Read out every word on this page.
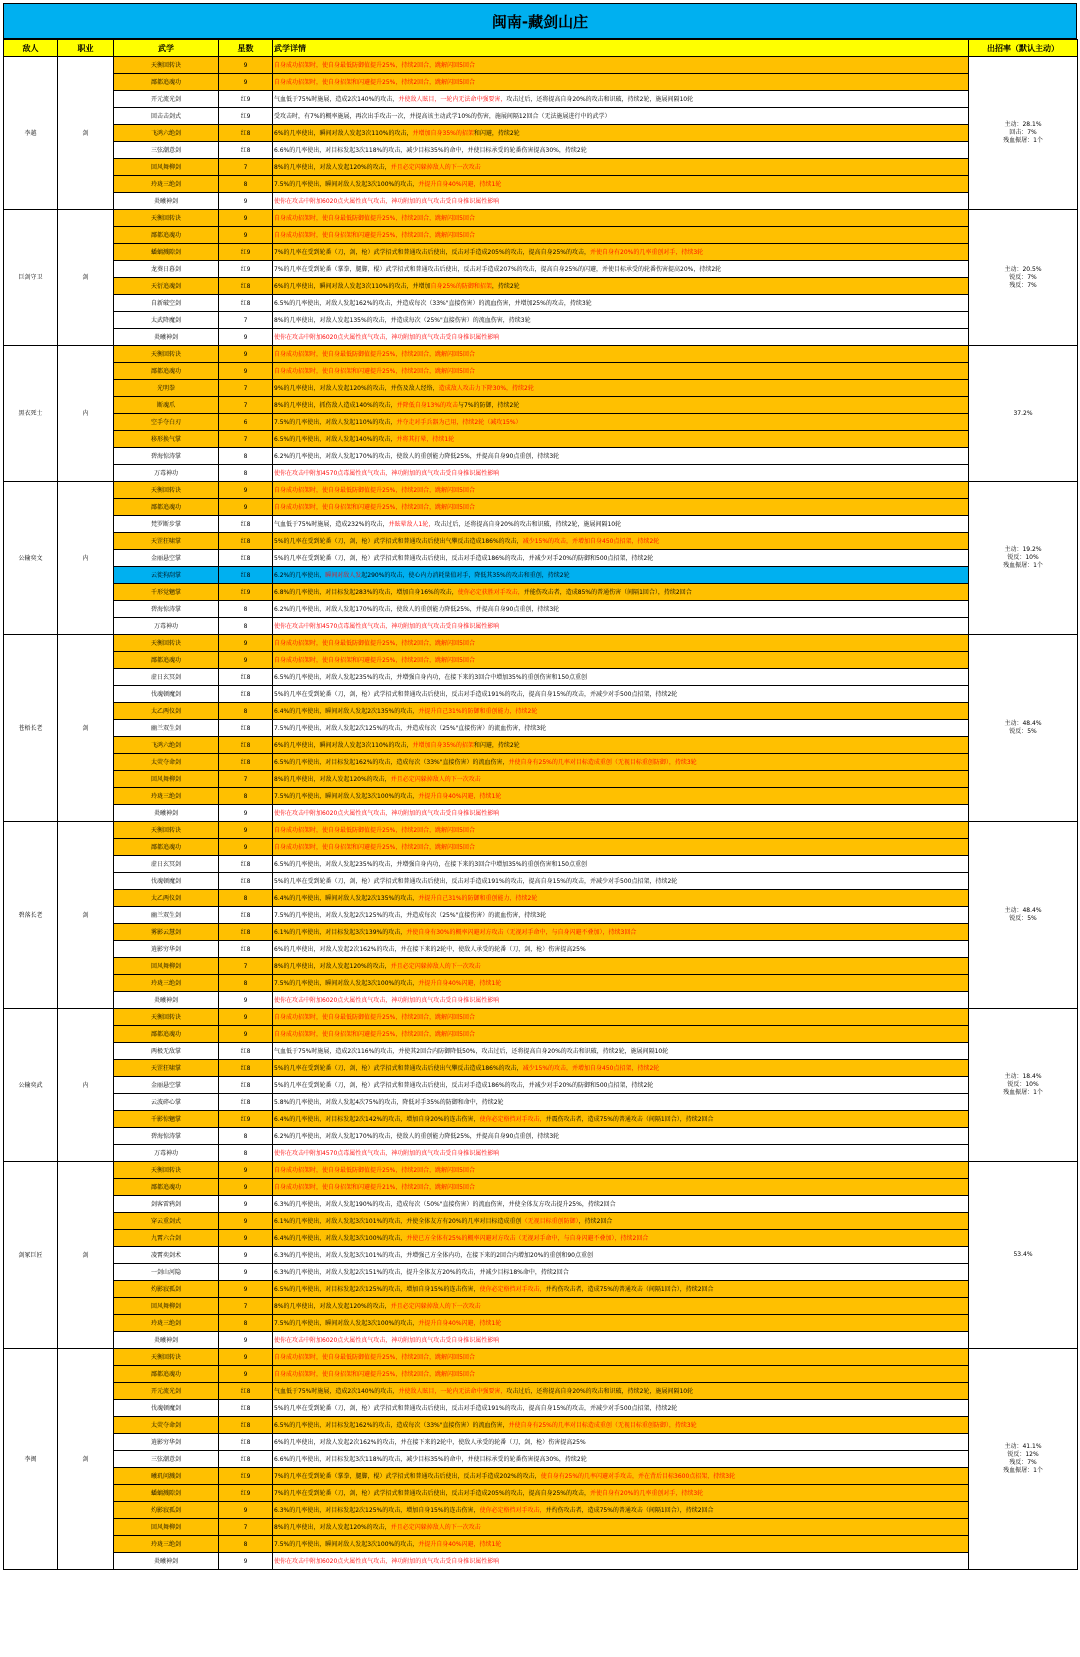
闽南-藏剑山庄
敌人	职业	武学	星数	武学详情	出招率（默认主动）
李越	剑	天衡回转诀	9	自身成功招架时，使自身最低防御值提升25%，持续2回合，跳解闪回5回合	主动：28.1%
回击：7%
残血振屠：1个
		鄙都追魂功	9	自身成功招架时，使自身招架和闪避提升25%，持续2回合，跳解闪回5回合	
		开元流光剑	红9	气血低于75%时施展，造成2次140%的攻击，并使敌人眩目，一轮内无法命中强要害，攻击过后，还将提高自身20%的攻击和识破，持续2轮，施展间隔10轮	
		回击击剑式	红9	受攻击时，有7%的概率施展，再次出手攻击一次，并提高该主动武学10%的伤害，施展间隔12回合（无法施展进行中的武学）	
		飞鸿六绝剑	红8	6%的几率使出，瞬间对敌人发起3次110%的攻击，并增加自身35%的招架和闪避，持续2轮	
		三弦潮意剑	红8	6.6%的几率使出，对目标发起3次118%的攻击，减少目标35%的命中，并使目标承受的轮番伤害提高30%，持续2轮	
		回风舞柳剑	7	8%的几率使出，对敌人发起120%的攻击，并且必定闪躲掉敌人的下一次攻击	
		玲珑三绝剑	8	7.5%的几率使出，瞬间对敌人发起3次100%的攻击，并提升自身40%闪避，持续1轮	
		炎曦神剑	9	使你在攻击中附加6020点火属性真气攻击，神功附加的真气攻击受自身推识属性影响	
巨剑守卫	剑	天衡回转诀	9	自身成功招架时，使自身最低防御值提升25%，持续2回合，跳解闪回5回合	主动：20.5%
锐反：7%
残反：7%
		鄙都追魂功	9	自身成功招架时，使自身招架和闪避提升25%，持续2回合，跳解闪回5回合	
		蟠螭溅隙剑	红9	7%的几率在受到轮番（刀，剑，枪）武学招式和普通攻击后使出，反击对手造成205%的攻击，提高自身25%的攻击，并使自身有20%的几率重创对手，持续3轮	
		龙葵日暮剑	红9	7%的几率在受到轮番（掌拳，腿脚，棍）武学招式和普通攻击后使出，反击对手造成207%的攻击，提高自身25%的闪避，并使目标承受的轮番伤害提高20%，持续2轮	
		天衍追魂剑	红8	6%的几率使出，瞬间对敌人发起3次110%的攻击，并增加自身25%的防御和招架，持续2轮	
		自新破空剑	红8	6.5%的几率使出，对敌人发起162%的攻击，并造成每次（33%"直接伤害）的流血伤害，并增加25%的攻击，持续3轮	
		太武降魔剑	7	8%的几率使出，对敌人发起135%的攻击，并造成每次（25%"直接伤害）的流血伤害，持续3轮	
		炎曦神剑	9	使你在攻击中附加6020点火属性真气攻击，神功附加的真气攻击受自身推识属性影响	
黑衣死士	内	天衡回转诀	9	自身成功招架时，使自身最低防御值提升25%，持续2回合，跳解闪回5回合	37.2%
		鄙都追魂功	9	自身成功招架时，使自身招架和闪避提升25%，持续2回合，跳解闪回5回合	
		光明拳	7	9%的几率使出，对敌人发起120%的攻击，并伤及敌人经络，造成敌人攻击力下降30%，持续2轮	
		断魂爪	7	8%的几率使出，抓伤敌人造成140%的攻击，并降低自身13%的攻击与7%的防御，持续2轮	
		空手夺白刃	6	7.5%的几率使出，对敌人发起110%的攻击，并夺走对手兵器为己用，持续2轮（减攻15%）	
		移形换气掌	7	6.5%的几率使出，对敌人发起140%的攻击，并将其打晕，持续1轮	
		碧海惊涛掌	8	6.2%的几率使出，对敌人发起170%的攻击，使敌人的重创能力降低25%，并提高自身90点重创，持续3轮	
		万毒神功	8	使你在攻击中附加4570点毒属性真气攻击，神功附加的真气攻击受自身推识属性影响	
公输奕文	内	天衡回转诀	9	自身成功招架时，使自身最低防御值提升25%，持续2回合，跳解闪回5回合	主动：19.2%
锐反：10%
残血振屠：1个
		鄙都追魂功	9	自身成功招架时，使自身招架和闪避提升25%，持续2回合，跳解闪回5回合	
		梵罗断步掌	红8	气血低于75%时施展，造成232%的攻击，并眩晕敌人1轮，攻击过后，还将提高自身20%的攻击和识破，持续2轮，施展间隔10轮	
		天罡狂啸掌	红8	5%的几率在受到轮番（刀，剑，枪）武学招式和普通攻击后使出气攀反击造成186%的攻击，减少15%的攻击，并增加自身450点招架，持续2轮	
		金丽悬空掌	红8	5%的几率在受到轮番（刀，剑，枪）武学招式和普通攻击后使出，反击对手造成186%的攻击，并减少对手20%的防御和500点招架，持续2轮	
		云徙狗刮掌	红8	6.2%的几率使出，瞬间对敌人发起290%的攻击，使心内力消耗量值对手，降低其35%的攻击和重创，持续2轮	
		千形觉魑掌	红9	6.8%的几率使出，对目标发起283%的攻击，增加自身16%的攻击，使你必定获胜对手攻击，并能伤攻击者，造成85%的普通伤害（间隔1回合），持续2回合	
		碧海惊涛掌	8	6.2%的几率使出，对敌人发起170%的攻击，使敌人的重创能力降低25%，并提高自身90点重创，持续3轮	
		万毒神功	8	使你在攻击中附加4570点毒属性真气攻击，神功附加的真气攻击受自身推识属性影响	
苍梧长老	剑	天衡回转诀	9	自身成功招架时，使自身最低防御值提升25%，持续2回合，跳解闪回5回合	主动：48.4%
锐反：5%
		鄙都追魂功	9	自身成功招架时，使自身招架和闪避提升25%，持续2回合，跳解闪回5回合	
		虚日玄冥剑	红8	6.5%的几率使出，对敌人发起235%的攻击，并增强自身内功，在接下来的3回合中增加35%的重创伤害和150点重创	
		伐魂顿魔剑	红8	5%的几率在受到轮番（刀，剑，枪）武学招式和普通攻击后使出，反击对手造成191%的攻击，提高自身15%的攻击，并减少对手500点招架，持续2轮	
		太乙两仪剑	8	6.4%的几率使出，瞬间对敌人发起2次135%的攻击，并提升自己31%的防御和重创能力，持续2轮	
		幽兰双生剑	红8	7.5%的几率使出，对敌人发起2次125%的攻击，并造成每次（25%"直接伤害）的流血伤害，持续3轮	
		飞鸿六绝剑	红8	6%的几率使出，瞬间对敌人发起3次110%的攻击，并增加自身35%的招架和闪避，持续2轮	
		太荧夺命剑	红8	6.5%的几率使出，对目标发起162%的攻击，造成每次（33%"直接伤害）的流血伤害，并使自身有25%的几率对目标造成重创（无视目标重创防御），持续3轮	
		回风舞柳剑	7	8%的几率使出，对敌人发起120%的攻击，并且必定闪躲掉敌人的下一次攻击	
		玲珑三绝剑	8	7.5%的几率使出，瞬间对敌人发起3次100%的攻击，并提升自身40%闪避，持续1轮	
		炎曦神剑	9	使你在攻击中附加6020点火属性真气攻击，神功附加的真气攻击受自身推识属性影响	
碧落长老	剑	天衡回转诀	9	自身成功招架时，使自身最低防御值提升25%，持续2回合，跳解闪回5回合	主动：48.4%
锐反：5%
		鄙都追魂功	9	自身成功招架时，使自身招架和闪避提升25%，持续2回合，跳解闪回5回合	
		虚日玄冥剑	红8	6.5%的几率使出，对敌人发起235%的攻击，并增强自身内功，在接下来的3回合中增加35%的重创伤害和150点重创	
		伐魂顿魔剑	红8	5%的几率在受到轮番（刀，剑，枪）武学招式和普通攻击后使出，反击对手造成191%的攻击，提高自身15%的攻击，并减少对手500点招架，持续2轮	
		太乙两仪剑	8	6.4%的几率使出，瞬间对敌人发起2次135%的攻击，并提升自己31%的防御和重创能力，持续2轮	
		幽兰双生剑	红8	7.5%的几率使出，对敌人发起2次125%的攻击，并造成每次（25%"直接伤害）的流血伤害，持续3轮	
		雾影云慧剑	红8	6.1%的几率使出，对目标发起3次139%的攻击，并使自身有30%的概率闪避对方攻击（无视对手命中，与自身闪避不叠加），持续3回合	
		逍影穷华剑	红8	6%的几率使出，对敌人发起2次162%的攻击，并在接下来的2轮中，使敌人承受的轮番（刀，剑，枪）伤害提高25%	
		回风舞柳剑	7	8%的几率使出，对敌人发起120%的攻击，并且必定闪躲掉敌人的下一次攻击	
		玲珑三绝剑	8	7.5%的几率使出，瞬间对敌人发起3次100%的攻击，并提升自身40%闪避，持续1轮	
		炎曦神剑	9	使你在攻击中附加6020点火属性真气攻击，神功附加的真气攻击受自身推识属性影响	
公输奕武	内	天衡回转诀	9	自身成功招架时，使自身最低防御值提升25%，持续2回合，跳解闪回5回合	主动：18.4%
锐反：10%
残血振屠：1个
		鄙都追魂功	9	自身成功招架时，使自身招架和闪避提升25%，持续2回合，跳解闪回5回合	
		两极无敌掌	红8	气血低于75%时施展，造成2次116%的攻击，并使其2回合内防御降低50%，攻击过后，还将提高自身20%的攻击和识破，持续2轮，施展间隔10轮	
		天罡狂啸掌	红8	5%的几率在受到轮番（刀，剑，枪）武学招式和普通攻击后使出气攀反击造成186%的攻击，减少15%的攻击，并增加自身450点招架，持续2轮	
		金丽悬空掌	红8	5%的几率在受到轮番（刀，剑，枪）武学招式和普通攻击后使出，反击对手造成186%的攻击，并减少对手20%的防御和500点招架，持续2轮	
		云波碎心掌	红8	5.8%的几率使出，对敌人发起4次75%的攻击，降低对手35%的防御和命中，持续2轮	
		千影惊魑掌	红9	6.4%的几率使出，对目标发起2次142%的攻击，增加自身20%的连击伤害，使你必定格挡对手攻击，并震伤攻击者，造成75%的普通攻击（间隔1回合），持续2回合	
		碧海惊涛掌	8	6.2%的几率使出，对敌人发起170%的攻击，使敌人的重创能力降低25%，并提高自身90点重创，持续3轮	
		万毒神功	8	使你在攻击中附加4570点毒属性真气攻击，神功附加的真气攻击受自身推识属性影响	
剑冢巨匠	剑	天衡回转诀	9	自身成功招架时，使自身最低防御值提升25%，持续2回合，跳解闪回5回合	53.4%
		鄙都追魂功	9	自身成功招架时，使自身招架和闪避提升21%，持续2回合，跳解闪回5回合	
		剑客雷鸦剑	9	6.3%的几率使出，对敌人发起190%的攻击，造成每次（50%"直接伤害）的流血伤害，并使全体友方攻击提升25%，持续2回合	
		穿云重剑式	9	6.1%的几率使出，对敌人发起3次101%的攻击，并使全体友方有20%的几率对目标造成重创（无视目标重创防御），持续2回合	
		九霄六合剑	9	6.4%的几率使出，对敌人发起3次100%的攻击，并使已方全体有25%的概率闪避对方攻击（无视对手命中，与自身闪避不叠加），持续2回合	
		凌霄奕剑术	9	6.3%的几率使出，对敌人发起3次101%的攻击，并增强己方全体内功，在接下来的2回合内增加20%的重创和90点重创	
		一剑山河隐	9	6.3%的几率使出，对敌人发起2次151%的攻击，提升全体友方20%的攻击，并减少目标18%命中，持续2回合	
		灼影寂孤剑	9	6.5%的几率使出，对目标发起2次125%的攻击，增加自身15%的连击伤害，使你必定格挡对手攻击，并灼伤攻击者，造成75%的普通攻击（间隔1回合），持续2回合	
		回风舞柳剑	7	8%的几率使出，对敌人发起120%的攻击，并且必定闪躲掉敌人的下一次攻击	
		玲珑三绝剑	8	7.5%的几率使出，瞬间对敌人发起3次100%的攻击，并提升自身40%闪避，持续1轮	
		炎曦神剑	9	使你在攻击中附加6020点火属性真气攻击，神功附加的真气攻击受自身推识属性影响	
李闽	剑	天衡回转诀	9	自身成功招架时，使自身最低防御值提升25%，持续2回合，跳解闪回5回合	主动：41.1%
锐反：12%
残反：7%
残血振屠：1个
		鄙都追魂功	9	自身成功招架时，使自身招架和闪避提升25%，持续2回合，跳解闪回5回合	
		开元流光剑	红8	气血低于75%时施展，造成2次140%的攻击，并使敌人眩目，一轮内无法命中强要害，攻击过后，还将提高自身20%的攻击和识破，持续2轮，施展间隔10轮	
		伐魂顿魔剑	红8	5%的几率在受到轮番（刀，剑，枪）武学招式和普通攻击后使出，反击对手造成191%的攻击，提高自身15%的攻击，并减少对手500点招架，持续2轮	
		太荧夺命剑	红8	6.5%的几率使出，对目标发起162%的攻击，造成每次（33%"直接伤害）的流血伤害，并使自身有25%的几率对目标造成重创（无视目标重创防御），持续3轮	
		逍影穷华剑	红8	6%的几率使出，对敌人发起2次162%的攻击，并在接下来的2轮中，使敌人承受的轮番（刀，剑，枪）伤害提高25%	
		三弦潮意剑	红8	6.6%的几率使出，对目标发起3次118%的攻击，减少目标35%的命中，并使目标承受的轮番伤害提高30%，持续2轮	
		曦玑问溅剑	红9	7%的几率在受到轮番（掌拳，腿脚，棍）武学招式和普通攻击后使出，反击对手造成202%的攻击，使自身有25%的几率闪避对手攻击，并在背后目标3600点招架，持续3轮	
		蟠螭溅隙剑	红9	7%的几率在受到轮番（刀，剑，枪）武学招式和普通攻击后使出，反击对手造成205%的攻击，提高自身25%的攻击，并使自身有20%的几率重创对手，持续3轮	
		灼影寂孤剑	9	6.3%的几率使出，对目标发起2次125%的攻击，增加自身15%的连击伤害，使你必定格挡对手攻击，并灼伤攻击者，造成75%的普通攻击（间隔1回合），持续2回合	
		回风舞柳剑	7	8%的几率使出，对敌人发起120%的攻击，并且必定闪躲掉敌人的下一次攻击	
		玲珑三绝剑	8	7.5%的几率使出，瞬间对敌人发起3次100%的攻击，并提升自身40%闪避，持续1轮	
		炎曦神剑	9	使你在攻击中附加6020点火属性真气攻击，神功附加的真气攻击受自身推识属性影响	
